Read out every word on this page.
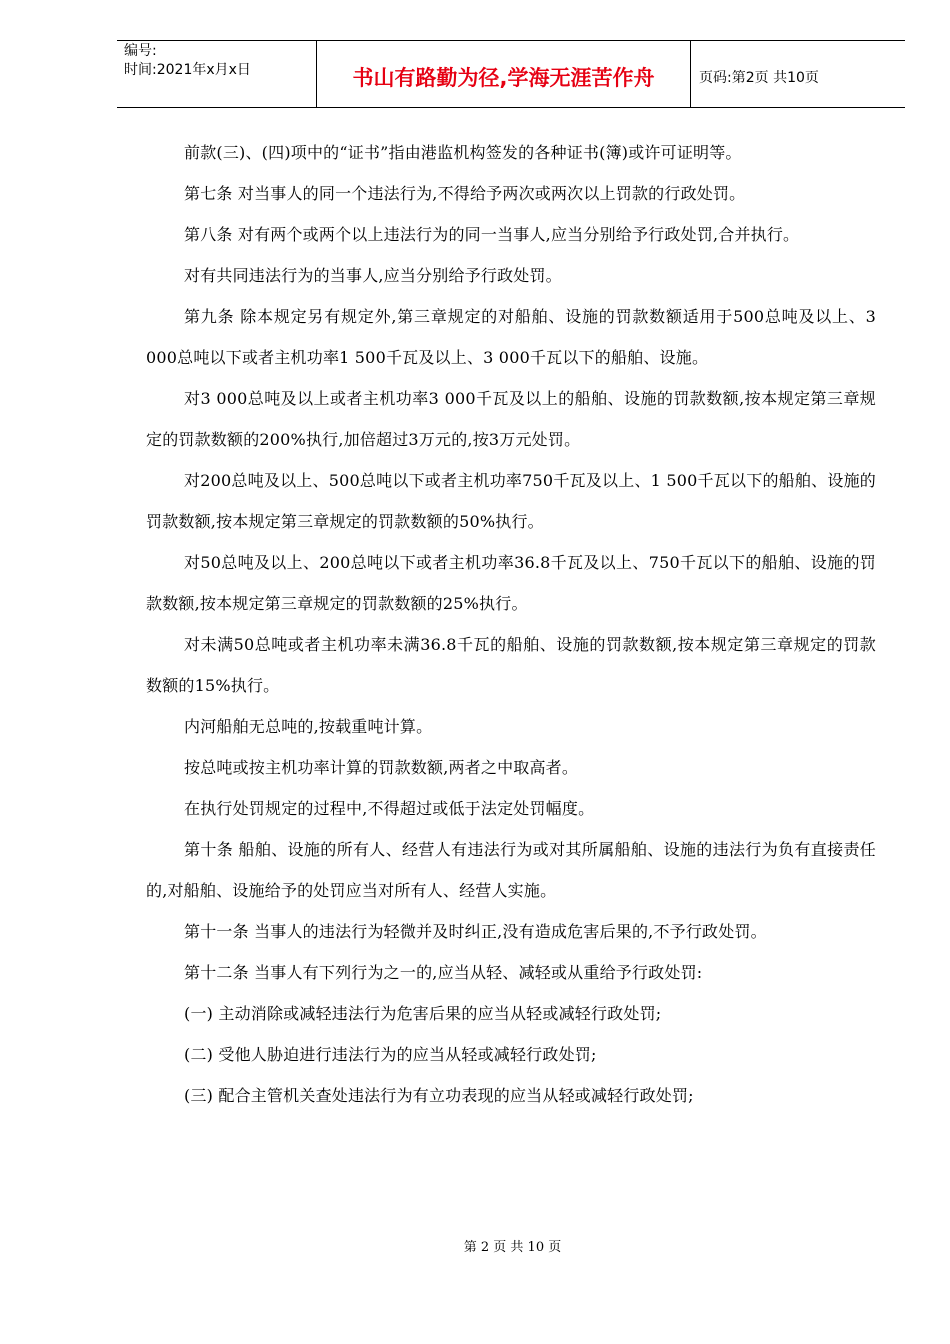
编号:
时间:2021年x月x日	书山有路勤为径,学海无涯苦作舟	页码:第2页 共10页

前款(三)、(四)项中的“证书”指由港监机构签发的各种证书(簿)或许可证明等。

第七条 对当事人的同一个违法行为,不得给予两次或两次以上罚款的行政处罚。

第八条 对有两个或两个以上违法行为的同一当事人,应当分别给予行政处罚,合并执行。

对有共同违法行为的当事人,应当分别给予行政处罚。

第九条 除本规定另有规定外,第三章规定的对船舶、设施的罚款数额适用于500总吨及以上、3 000总吨以下或者主机功率1 500千瓦及以上、3 000千瓦以下的船舶、设施。

对3 000总吨及以上或者主机功率3 000千瓦及以上的船舶、设施的罚款数额,按本规定第三章规定的罚款数额的200%执行,加倍超过3万元的,按3万元处罚。

对200总吨及以上、500总吨以下或者主机功率750千瓦及以上、1 500千瓦以下的船舶、设施的罚款数额,按本规定第三章规定的罚款数额的50%执行。

对50总吨及以上、200总吨以下或者主机功率36.8千瓦及以上、750千瓦以下的船舶、设施的罚款数额,按本规定第三章规定的罚款数额的25%执行。

对未满50总吨或者主机功率未满36.8千瓦的船舶、设施的罚款数额,按本规定第三章规定的罚款数额的15%执行。

内河船舶无总吨的,按载重吨计算。

按总吨或按主机功率计算的罚款数额,两者之中取高者。

在执行处罚规定的过程中,不得超过或低于法定处罚幅度。

第十条 船舶、设施的所有人、经营人有违法行为或对其所属船舶、设施的违法行为负有直接责任的,对船舶、设施给予的处罚应当对所有人、经营人实施。

第十一条 当事人的违法行为轻微并及时纠正,没有造成危害后果的,不予行政处罚。

第十二条 当事人有下列行为之一的,应当从轻、减轻或从重给予行政处罚:

(一) 主动消除或减轻违法行为危害后果的应当从轻或减轻行政处罚;

(二) 受他人胁迫进行违法行为的应当从轻或减轻行政处罚;

(三) 配合主管机关查处违法行为有立功表现的应当从轻或减轻行政处罚;

第 2 页 共 10 页
